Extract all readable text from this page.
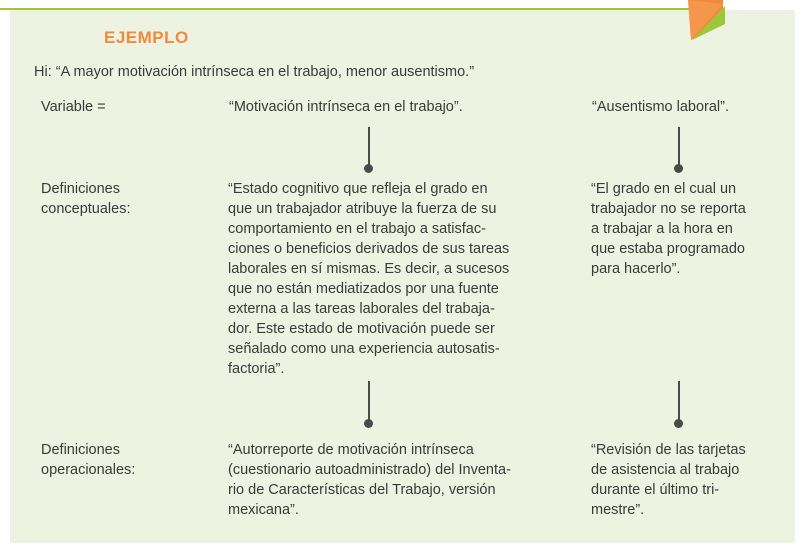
EJEMPLO
Hi: “A mayor motivación intrínseca en el trabajo, menor ausentismo.”
Variable =
Definiciones
conceptuales:
Definiciones
operacionales:
“Motivación intrínseca en el trabajo”.	“Ausentismo laboral”.
“Estado cognitivo que refleja el grado en
que un trabajador atribuye la fuerza de su
comportamiento en el trabajo a satisfac-
ciones o beneficios derivados de sus tareas
laborales en sí mismas. Es decir, a sucesos
que no están mediatizados por una fuente
externa a las tareas laborales del trabaja-
dor. Este estado de motivación puede ser
señalado como una experiencia autosatis-
factoria”.
“El grado en el cual un
trabajador no se reporta
a trabajar a la hora en
que estaba programado
para hacerlo”.
“Autorreporte de motivación intrínseca
(cuestionario autoadministrado) del Inventa-
rio de Características del Trabajo, versión
mexicana”.
“Revisión de las tarjetas
de asistencia al trabajo
durante el último tri-
mestre”.
